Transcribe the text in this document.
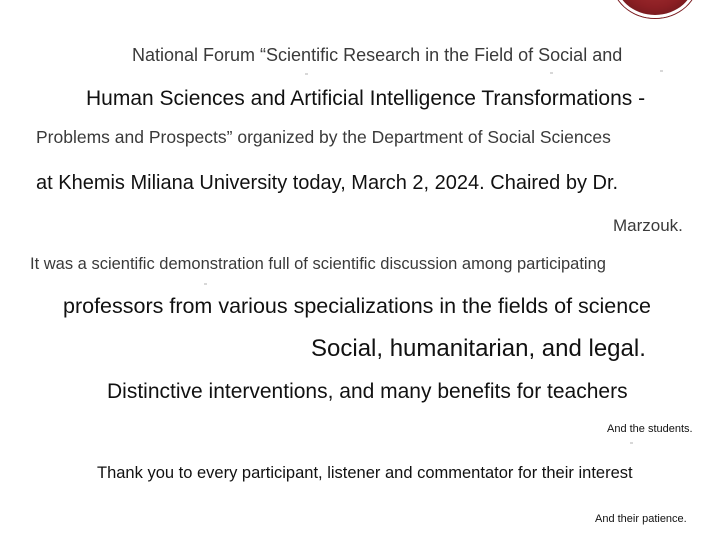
National Forum “Scientific Research in the Field of Social and
Human Sciences and Artificial Intelligence Transformations -
Problems and Prospects” organized by the Department of Social Sciences
at Khemis Miliana University today, March 2, 2024. Chaired by Dr.
Marzouk.
It was a scientific demonstration full of scientific discussion among participating
professors from various specializations in the fields of science
Social, humanitarian, and legal.
Distinctive interventions, and many benefits for teachers
And the students.
Thank you to every participant, listener and commentator for their interest
And their patience.
